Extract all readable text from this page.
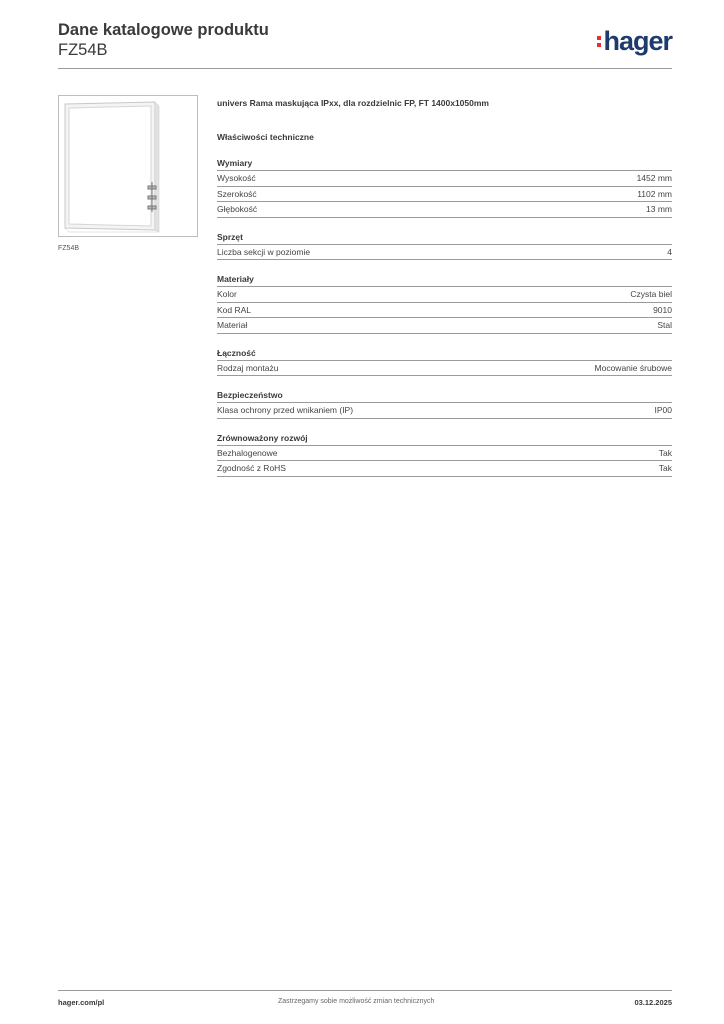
Dane katalogowe produktu
FZ54B	hager
FZ54B
univers Rama maskująca IPxx, dla rozdzielnic FP, FT 1400x1050mm
Właściwości techniczne
Wymiary
Wysokość	1452 mm
Szerokość	1102 mm
Głębokość	13 mm
Sprzęt
Liczba sekcji w poziomie	4
Materiały
Kolor	Czysta biel
Kod RAL	9010
Materiał	Stal
Łączność
Rodzaj montażu	Mocowanie śrubowe
Bezpieczeństwo
Klasa ochrony przed wnikaniem (IP)	IP00
Zrównoważony rozwój
Bezhalogenowe	Tak
Zgodność z RoHS	Tak
hager.com/pl	Zastrzegamy sobie możliwość zmian technicznych	03.12.2025
